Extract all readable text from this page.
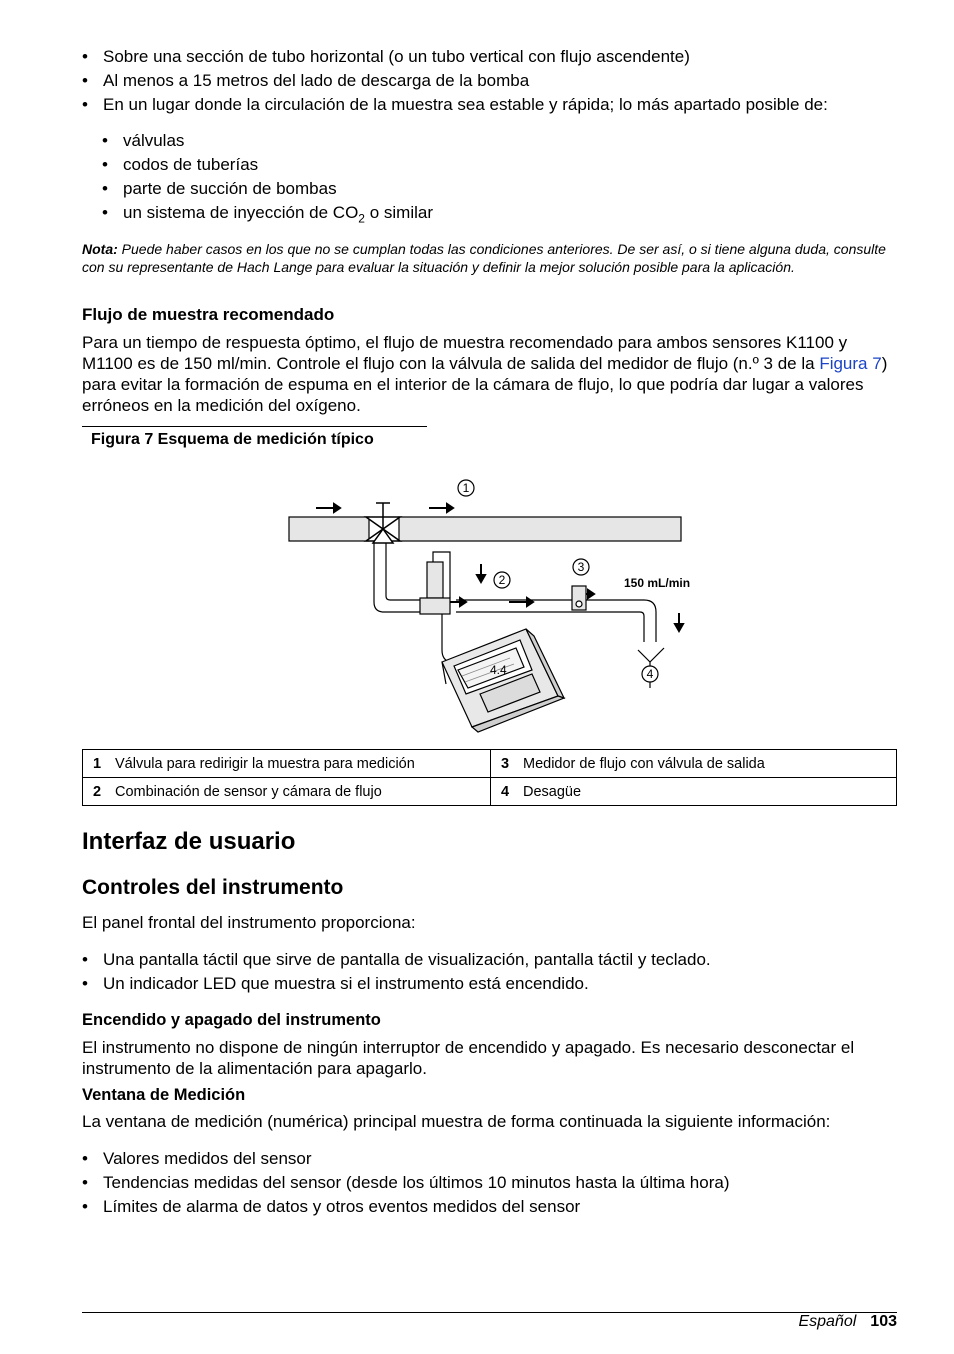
• Sobre una sección de tubo horizontal (o un tubo vertical con flujo ascendente)
• Al menos a 15 metros del lado de descarga de la bomba
• En un lugar donde la circulación de la muestra sea estable y rápida; lo más apartado posible de:
• válvulas
• codos de tuberías
• parte de succión de bombas
• un sistema de inyección de $CO_2$ o similar
Nota: Puede haber casos en los que no se cumplan todas las condiciones anteriores. De ser así, o si tiene alguna duda, consulte con su representante de Hach Lange para evaluar la situación y definir la mejor solución posible para la aplicación.
Flujo de muestra recomendado

Para un tiempo de respuesta óptimo, el flujo de muestra recomendado para ambos sensores K1100 y M1100 es de 150 ml/min. Controle el flujo con la válvula de salida del medidor de flujo (n.º 3 de la Figura 7) para evitar la formación de espuma en el interior de la cámara de flujo, lo que podría dar lugar a valores erróneos en la medición del oxígeno.

Figura 7 Esquema de medición típico
4.4
1
2
3
150 mL/min
4
1 Válvula para redirigir la muestra para medición	3 Medidor de flujo con válvula de salida
2 Combinación de sensor y cámara de flujo	4 Desagüe
Interfaz de usuario
Controles del instrumento

El panel frontal del instrumento proporciona:

• Una pantalla táctil que sirve de pantalla de visualización, pantalla táctil y teclado.
• Un indicador LED que muestra si el instrumento está encendido.
Encendido y apagado del instrumento

El instrumento no dispone de ningún interruptor de encendido y apagado. Es necesario desconectar el instrumento de la alimentación para apagarlo.

Ventana de Medición

La ventana de medición (numérica) principal muestra de forma continuada la siguiente información:

• Valores medidos del sensor
• Tendencias medidas del sensor (desde los últimos 10 minutos hasta la última hora)
• Límites de alarma de datos y otros eventos medidos del sensor
Español 103
